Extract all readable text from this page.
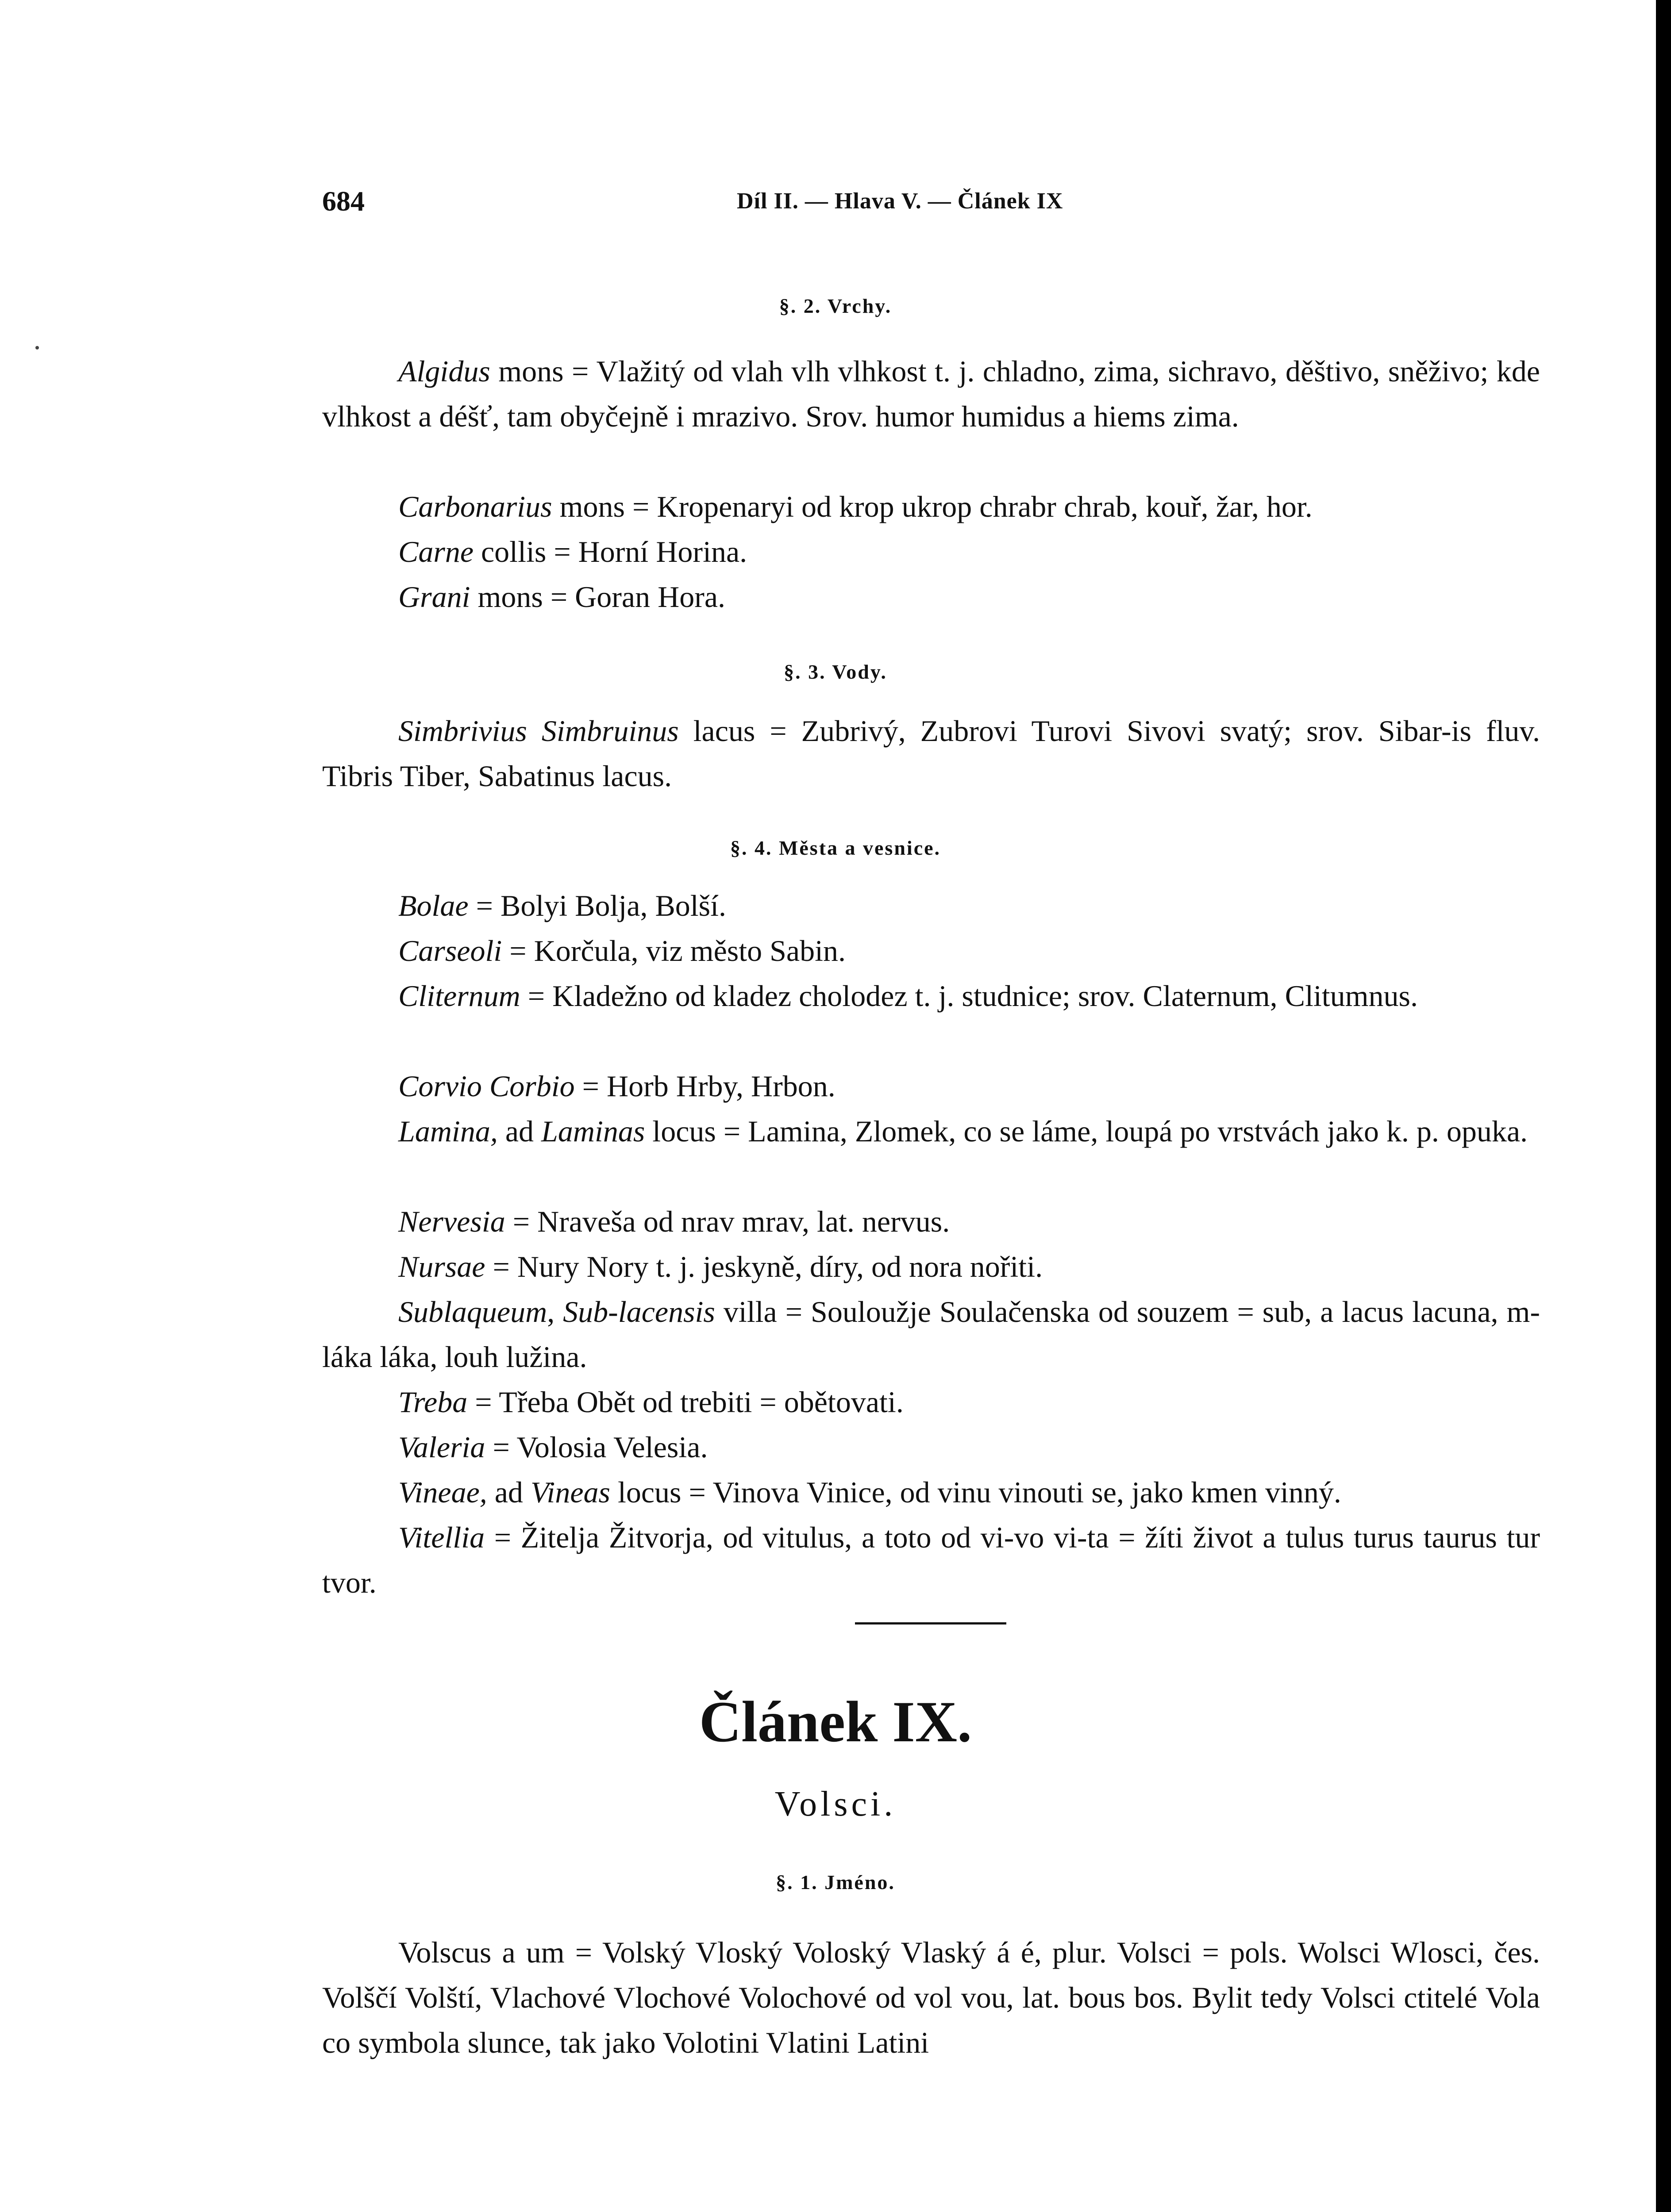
684	Díl II. — Hlava V. — Článek IX
§. 2. Vrchy.
Algidus mons = Vlažitý od vlah vlh vlhkost t. j. chladno, zima, sichravo, děštivo, sněživo; kde vlhkost a déšť, tam obyčejně i mrazivo. Srov. humor humidus a hiems zima.
Carbonarius mons = Kropenaryi od krop ukrop chrabr chrab, kouř, žar, hor.
Carne collis = Horní Horina.
Grani mons = Goran Hora.
§. 3. Vody.
Simbrivius Simbruinus lacus = Zubrivý, Zubrovi Turovi Sivovi svatý; srov. Sibar-is fluv. Tibris Tiber, Sabatinus lacus.
§. 4. Města a vesnice.
Bolae = Bolyi Bolja, Bolší.
Carseoli = Korčula, viz město Sabin.
Cliternum = Kladežno od kladez cholodez t. j. studnice; srov. Claternum, Clitumnus.
Corvio Corbio = Horb Hrby, Hrbon.
Lamina, ad Laminas locus = Lamina, Zlomek, co se láme, loupá po vrstvách jako k. p. opuka.
Nervesia = Nraveša od nrav mrav, lat. nervus.
Nursae = Nury Nory t. j. jeskyně, díry, od nora nořiti.
Sublaqueum, Sub-lacensis villa = Souloužje Soulačenska od souzem = sub, a lacus lacuna, m-láka láka, louh lužina.
Treba = Třeba Obět od trebiti = obětovati.
Valeria = Volosia Velesia.
Vineae, ad Vineas locus = Vinova Vinice, od vinu vinouti se, jako kmen vinný.
Vitellia = Žitelja Žitvorja, od vitulus, a toto od vi-vo vi-ta = žíti život a tulus turus taurus tur tvor.
Článek IX.
Volsci.
§. 1. Jméno.
Volscus a um = Volský Vloský Voloský Vlaský á é, plur. Volsci = pols. Wolsci Wlosci, čes. Volščí Volští, Vlachové Vlochové Volochové od vol vou, lat. bous bos. Bylit tedy Volsci ctitelé Vola co symbola slunce, tak jako Volotini Vlatini Latini
